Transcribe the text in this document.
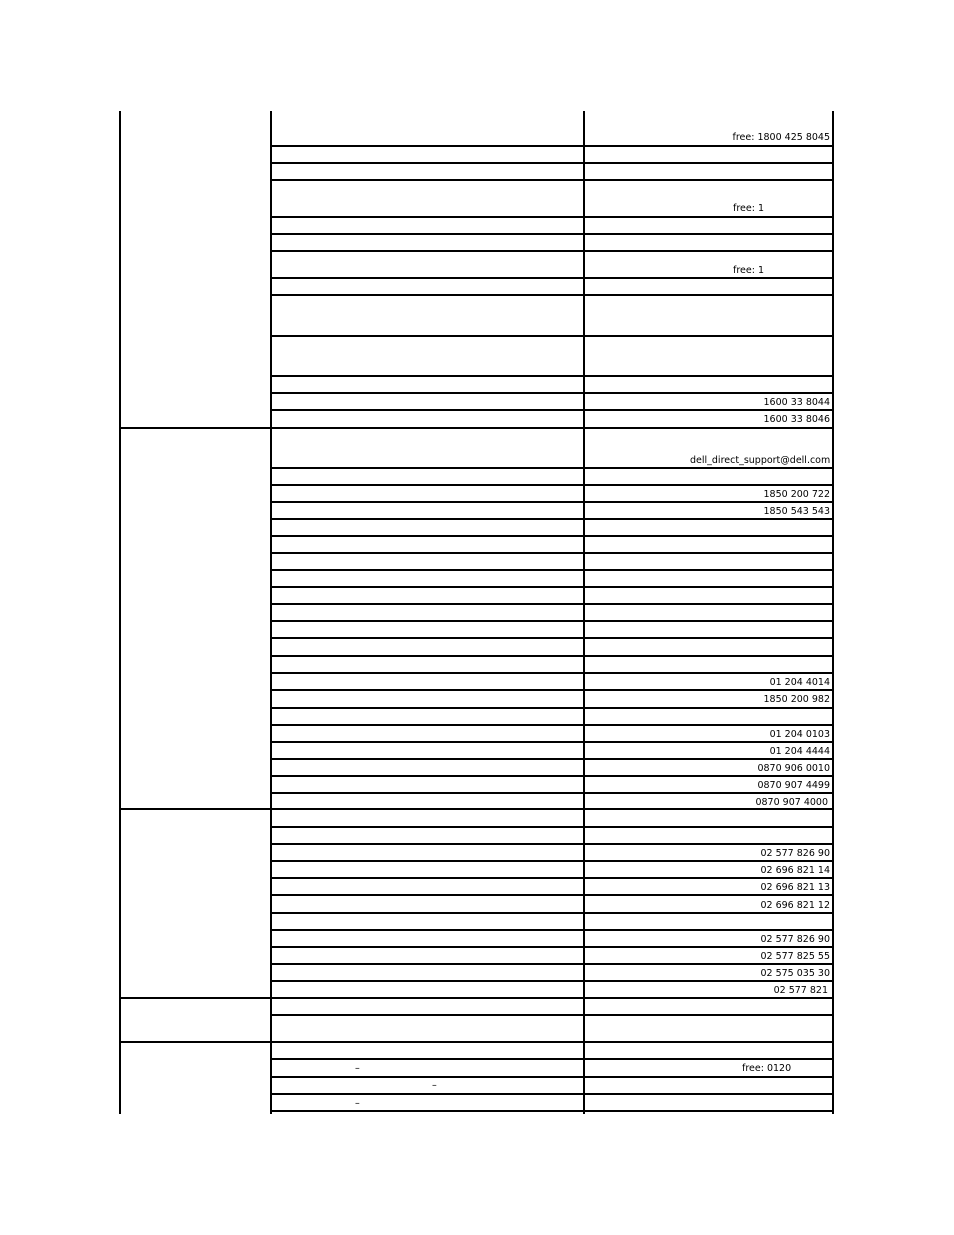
free: 1800 425 8045
free: 1
free: 1
1600 33 8044
1600 33 8046
dell_direct_support@dell.com
1850 200 722
1850 543 543
01 204 4014
1850 200 982
01 204 0103
01 204 4444
0870 906 0010
0870 907 4499
0870 907 4000
02 577 826 90
02 696 821 14
02 696 821 13
02 696 821 12
02 577 826 90
02 577 825 55
02 575 035 30
02 577 821
free: 0120
–
–
–
